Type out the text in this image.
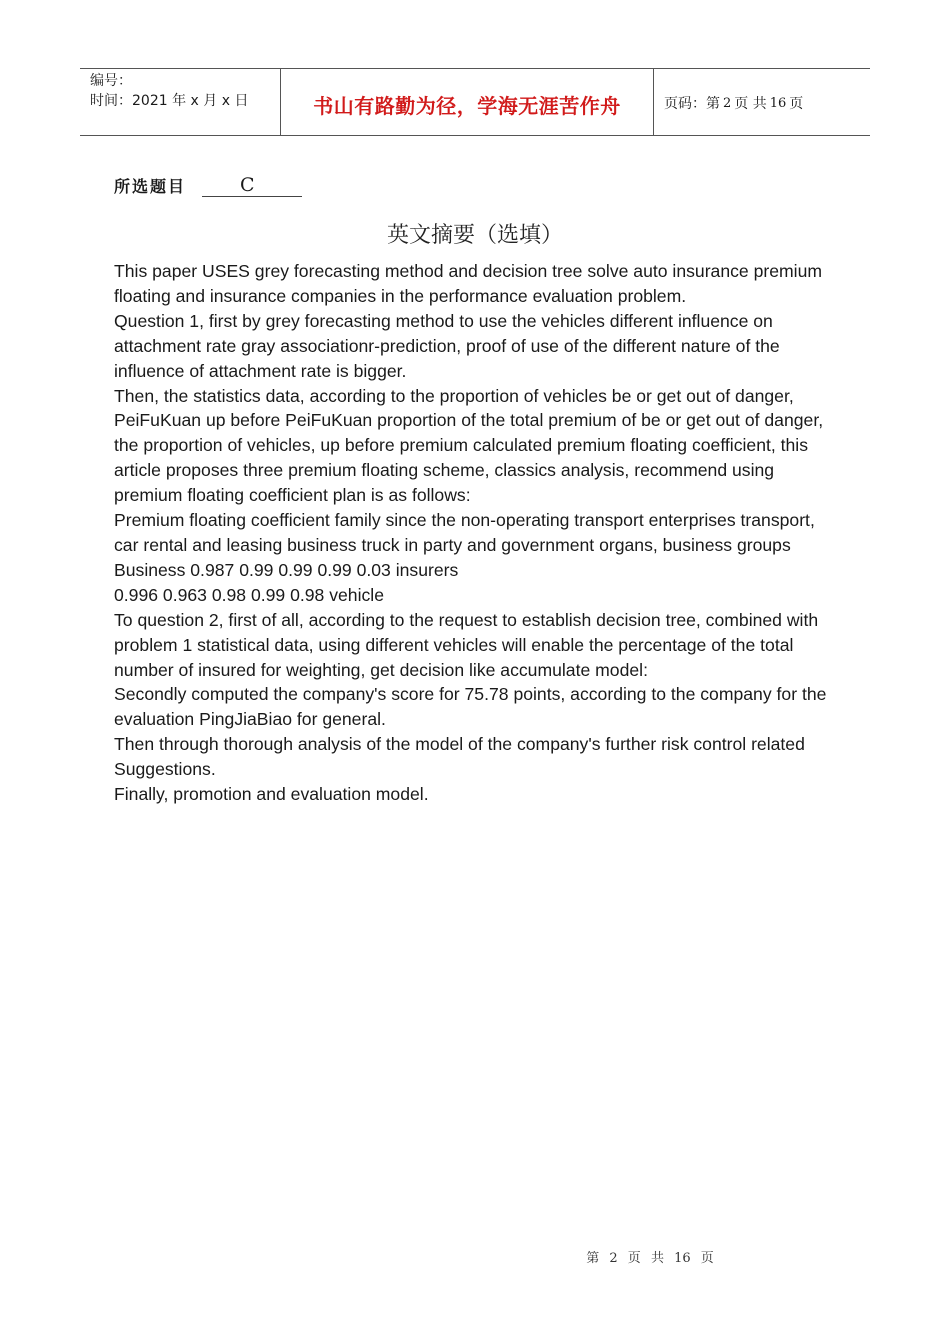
编号：
时间：2021 年 x 月 x 日	书山有路勤为径，学海无涯苦作舟	页码：第 2 页 共 16 页
所选题目	C
英文摘要（选填）

This paper USES grey forecasting method and decision tree solve auto insurance premium floating and insurance companies in the performance evaluation problem.

Question 1, first by grey forecasting method to use the vehicles different influence on attachment rate gray associationr-prediction, proof of use of the different nature of the influence of attachment rate is bigger.

Then, the statistics data, according to the proportion of vehicles be or get out of danger, PeiFuKuan up before PeiFuKuan proportion of the total premium of be or get out of danger, the proportion of vehicles, up before premium calculated premium floating coefficient, this article proposes three premium floating scheme, classics analysis, recommend using premium floating coefficient plan is as follows:

Premium floating coefficient family since the non-operating transport enterprises transport, car rental and leasing business truck in party and government organs, business groups

Business 0.987 0.99 0.99 0.99 0.03 insurers

0.996 0.963 0.98 0.99 0.98 vehicle

To question 2, first of all, according to the request to establish decision tree, combined with problem 1 statistical data, using different vehicles will enable the percentage of the total number of insured for weighting, get decision like accumulate model:

Secondly computed the company's score for 75.78 points, according to the company for the evaluation PingJiaBiao for general.

Then through thorough analysis of the model of the company's further risk control related Suggestions.

Finally, promotion and evaluation model.

第 2 页 共 16 页
